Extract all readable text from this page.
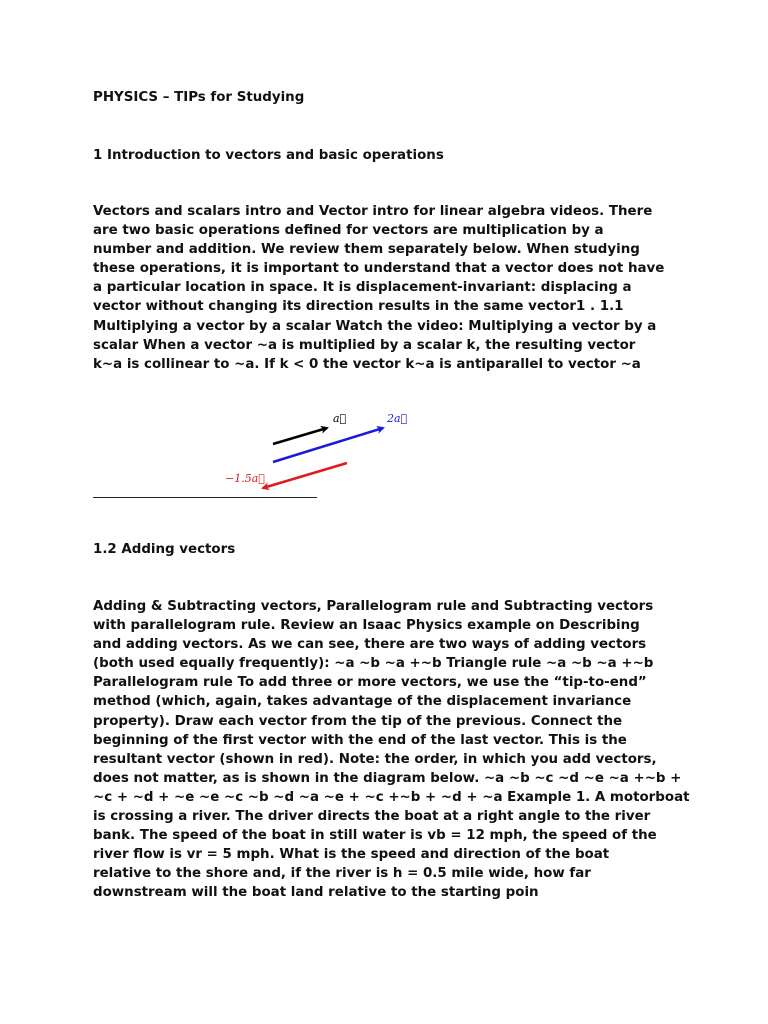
PHYSICS – TIPs for Studying
1 Introduction to vectors and basic operations
Vectors and scalars intro and Vector intro for linear algebra videos. There
are two basic operations defined for vectors are multiplication by a
number and addition. We review them separately below. When studying
these operations, it is important to understand that a vector does not have
a particular location in space. It is displacement-invariant: displacing a
vector without changing its direction results in the same vector1 . 1.1
Multiplying a vector by a scalar Watch the video: Multiplying a vector by a
scalar When a vector ~a is multiplied by a scalar k, the resulting vector
k~a is collinear to ~a. If k < 0 the vector k~a is antiparallel to vector ~a
a⃗	2a⃗
−1.5a⃗
1.2 Adding vectors
Adding & Subtracting vectors, Parallelogram rule and Subtracting vectors
with parallelogram rule. Review an Isaac Physics example on Describing
and adding vectors. As we can see, there are two ways of adding vectors
(both used equally frequently): ~a ~b ~a +~b Triangle rule ~a ~b ~a +~b
Parallelogram rule To add three or more vectors, we use the “tip-to-end”
method (which, again, takes advantage of the displacement invariance
property). Draw each vector from the tip of the previous. Connect the
beginning of the first vector with the end of the last vector. This is the
resultant vector (shown in red). Note: the order, in which you add vectors,
does not matter, as is shown in the diagram below. ~a ~b ~c ~d ~e ~a +~b +
~c + ~d + ~e ~e ~c ~b ~d ~a ~e + ~c +~b + ~d + ~a Example 1. A motorboat
is crossing a river. The driver directs the boat at a right angle to the river
bank. The speed of the boat in still water is vb = 12 mph, the speed of the
river flow is vr = 5 mph. What is the speed and direction of the boat
relative to the shore and, if the river is h = 0.5 mile wide, how far
downstream will the boat land relative to the starting poin
